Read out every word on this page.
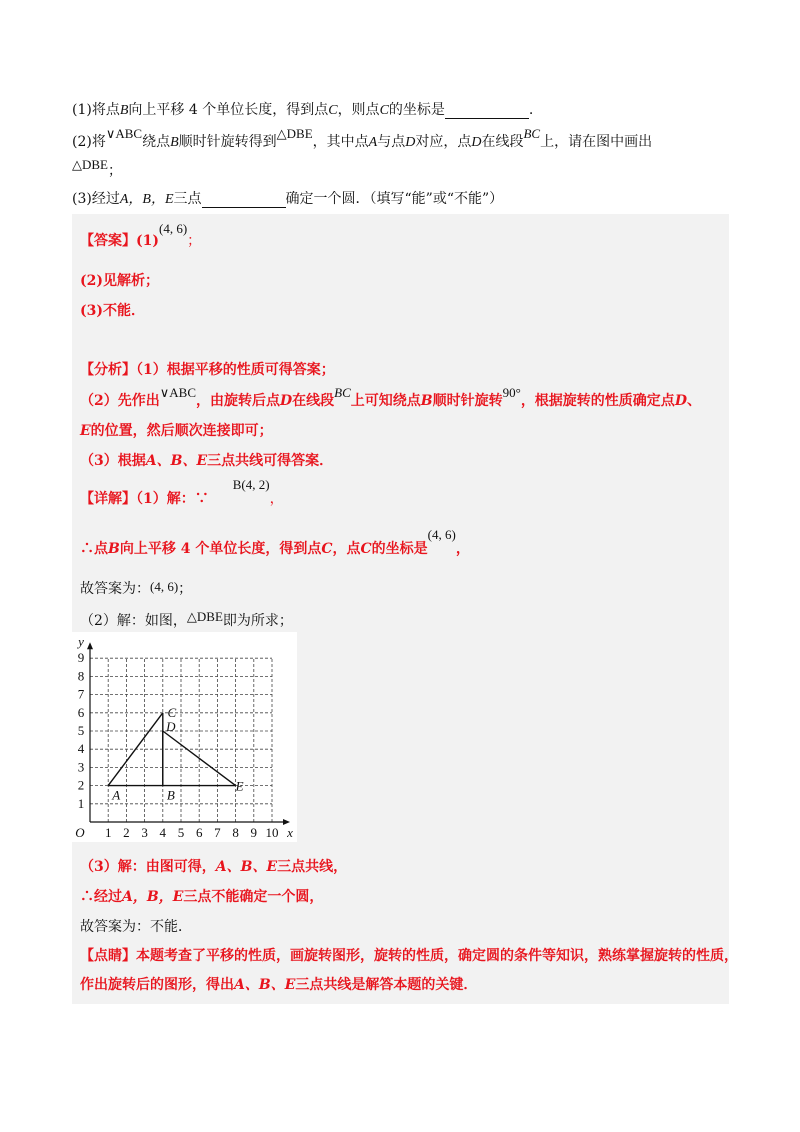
(1)将点B向上平移 4 个单位长度，得到点C，则点C的坐标是	.
(2)将∨ABC绕点B顺时针旋转得到△DBE，其中点A与点D对应，点D在线段BC上，请在图中画出
△DBE；
(3)经过A，B，E三点	确定一个圆．（填写“能”或“不能”）
【答案】(1)(4, 6)；
(2)见解析；
(3)不能．
【分析】（1）根据平移的性质可得答案；
（2）先作出∨ABC，由旋转后点D在线段BC上可知绕点B顺时针旋转90°，根据旋转的性质确定点D、
E的位置，然后顺次连接即可；
（3）根据A、B、E三点共线可得答案．
【详解】（1）解：∵B(4, 2)，
∴点B向上平移 4 个单位长度，得到点C，点C的坐标是(4, 6)，
故答案为：(4, 6)；
（2）解：如图，△DBE即为所求；
1 2 3 4 5 6 7 8 9 10
1
2
3
4
5
6
7
8
9
O	x
y
A	B
C
D
E
（3）解：由图可得，A、B、E三点共线，
∴经过A，B，E三点不能确定一个圆，
故答案为：不能．
【点睛】本题考查了平移的性质，画旋转图形，旋转的性质，确定圆的条件等知识，熟练掌握旋转的性质，
作出旋转后的图形，得出A、B、E三点共线是解答本题的关键．
